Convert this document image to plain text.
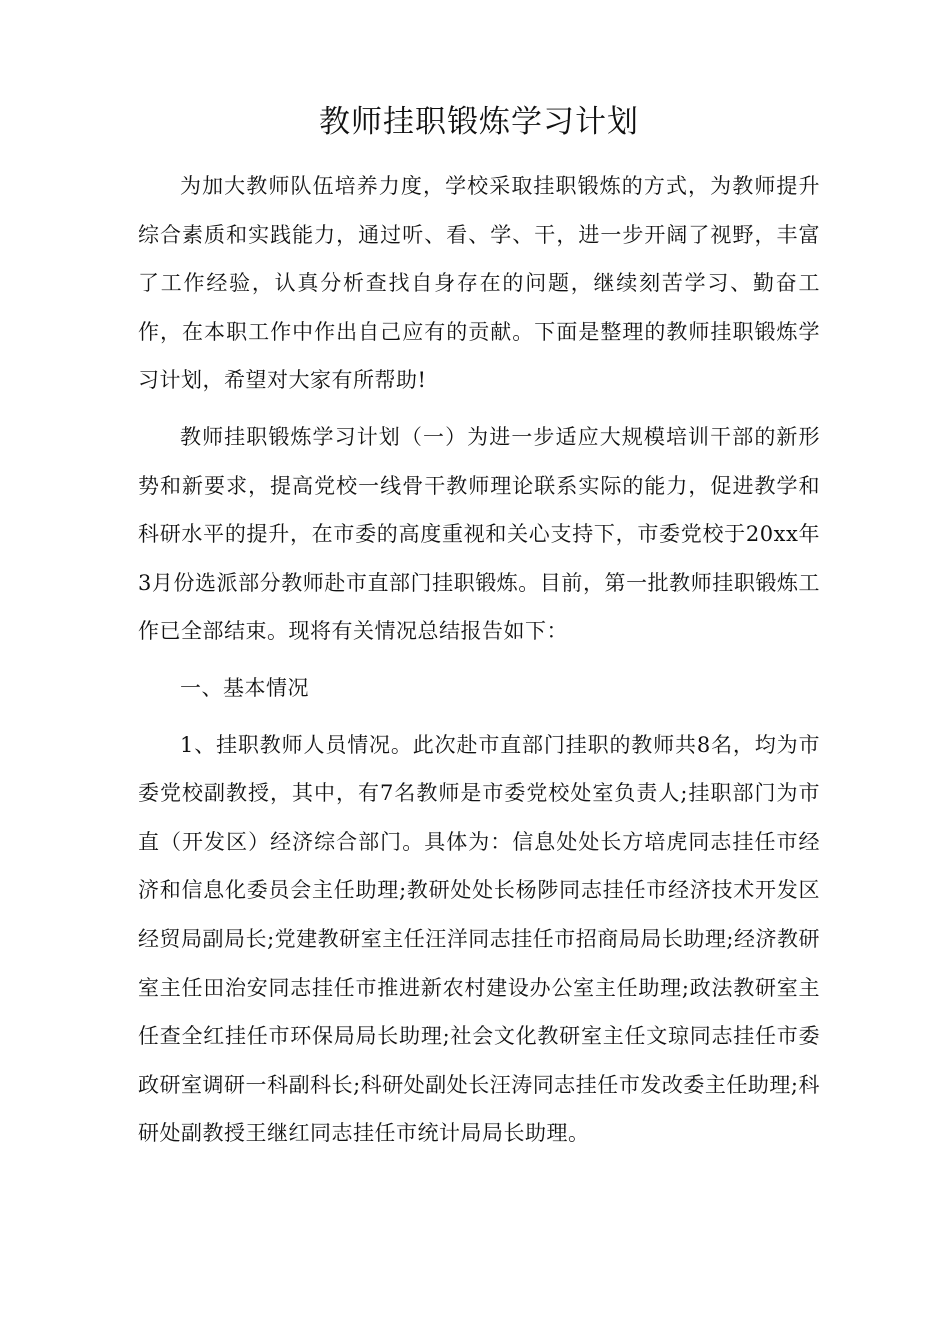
教师挂职锻炼学习计划

为加大教师队伍培养力度，学校采取挂职锻炼的方式，为教师提升综合素质和实践能力，通过听、看、学、干，进一步开阔了视野，丰富了工作经验，认真分析查找自身存在的问题，继续刻苦学习、勤奋工作，在本职工作中作出自己应有的贡献。下面是整理的教师挂职锻炼学习计划，希望对大家有所帮助!

教师挂职锻炼学习计划（一）为进一步适应大规模培训干部的新形势和新要求，提高党校一线骨干教师理论联系实际的能力，促进教学和科研水平的提升，在市委的高度重视和关心支持下，市委党校于20xx年3月份选派部分教师赴市直部门挂职锻炼。目前，第一批教师挂职锻炼工作已全部结束。现将有关情况总结报告如下：

一、基本情况

1、挂职教师人员情况。此次赴市直部门挂职的教师共8名，均为市委党校副教授，其中，有7名教师是市委党校处室负责人;挂职部门为市直（开发区）经济综合部门。具体为：信息处处长方培虎同志挂任市经济和信息化委员会主任助理;教研处处长杨陟同志挂任市经济技术开发区经贸局副局长;党建教研室主任汪洋同志挂任市招商局局长助理;经济教研室主任田治安同志挂任市推进新农村建设办公室主任助理;政法教研室主任查全红挂任市环保局局长助理;社会文化教研室主任文琼同志挂任市委政研室调研一科副科长;科研处副处长汪涛同志挂任市发改委主任助理;科研处副教授王继红同志挂任市统计局局长助理。
